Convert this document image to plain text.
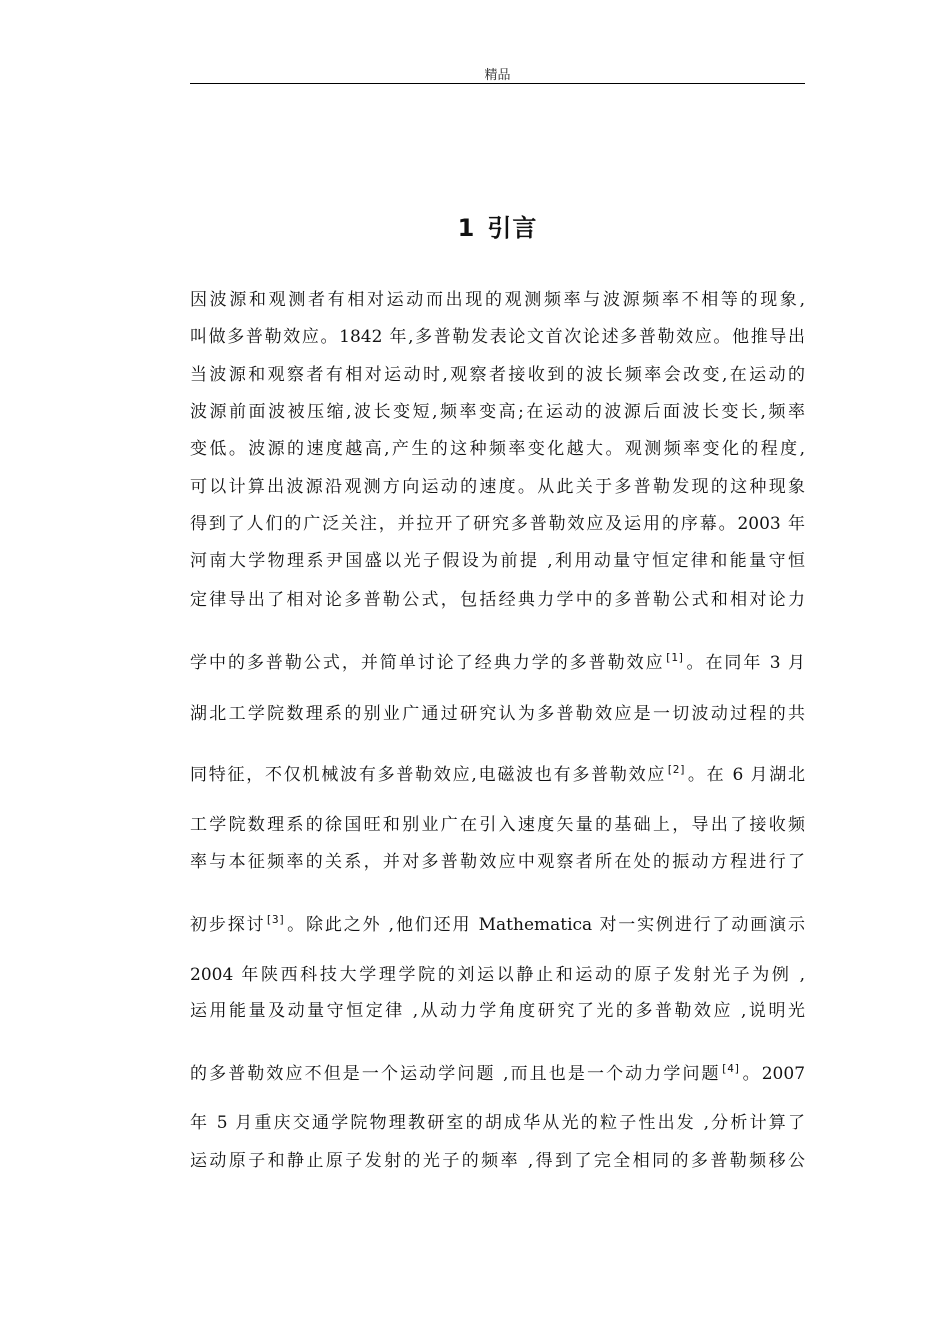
精品
1 引言
因波源和观测者有相对运动而出现的观测频率与波源频率不相等的现象,
叫做多普勒效应。1842 年,多普勒发表论文首次论述多普勒效应。他推导出
当波源和观察者有相对运动时,观察者接收到的波长频率会改变,在运动的
波源前面波被压缩,波长变短,频率变高;在运动的波源后面波长变长,频率
变低。波源的速度越高,产生的这种频率变化越大。观测频率变化的程度,
可以计算出波源沿观测方向运动的速度。从此关于多普勒发现的这种现象
得到了人们的广泛关注，并拉开了研究多普勒效应及运用的序幕。2003 年
河南大学物理系尹国盛以光子假设为前提 ,利用动量守恒定律和能量守恒
定律导出了相对论多普勒公式，包括经典力学中的多普勒公式和相对论力
学中的多普勒公式，并简单讨论了经典力学的多普勒效应[1]。在同年 3 月
湖北工学院数理系的别业广通过研究认为多普勒效应是一切波动过程的共
同特征，不仅机械波有多普勒效应,电磁波也有多普勒效应[2]。在 6 月湖北
工学院数理系的徐国旺和别业广在引入速度矢量的基础上，导出了接收频
率与本征频率的关系，并对多普勒效应中观察者所在处的振动方程进行了
初步探讨[3]。除此之外 ,他们还用 Mathematica 对一实例进行了动画演示
2004 年陕西科技大学理学院的刘运以静止和运动的原子发射光子为例 ,
运用能量及动量守恒定律 ,从动力学角度研究了光的多普勒效应 ,说明光
的多普勒效应不但是一个运动学问题 ,而且也是一个动力学问题[4]。2007
年 5 月重庆交通学院物理教研室的胡成华从光的粒子性出发 ,分析计算了
运动原子和静止原子发射的光子的频率 ,得到了完全相同的多普勒频移公
